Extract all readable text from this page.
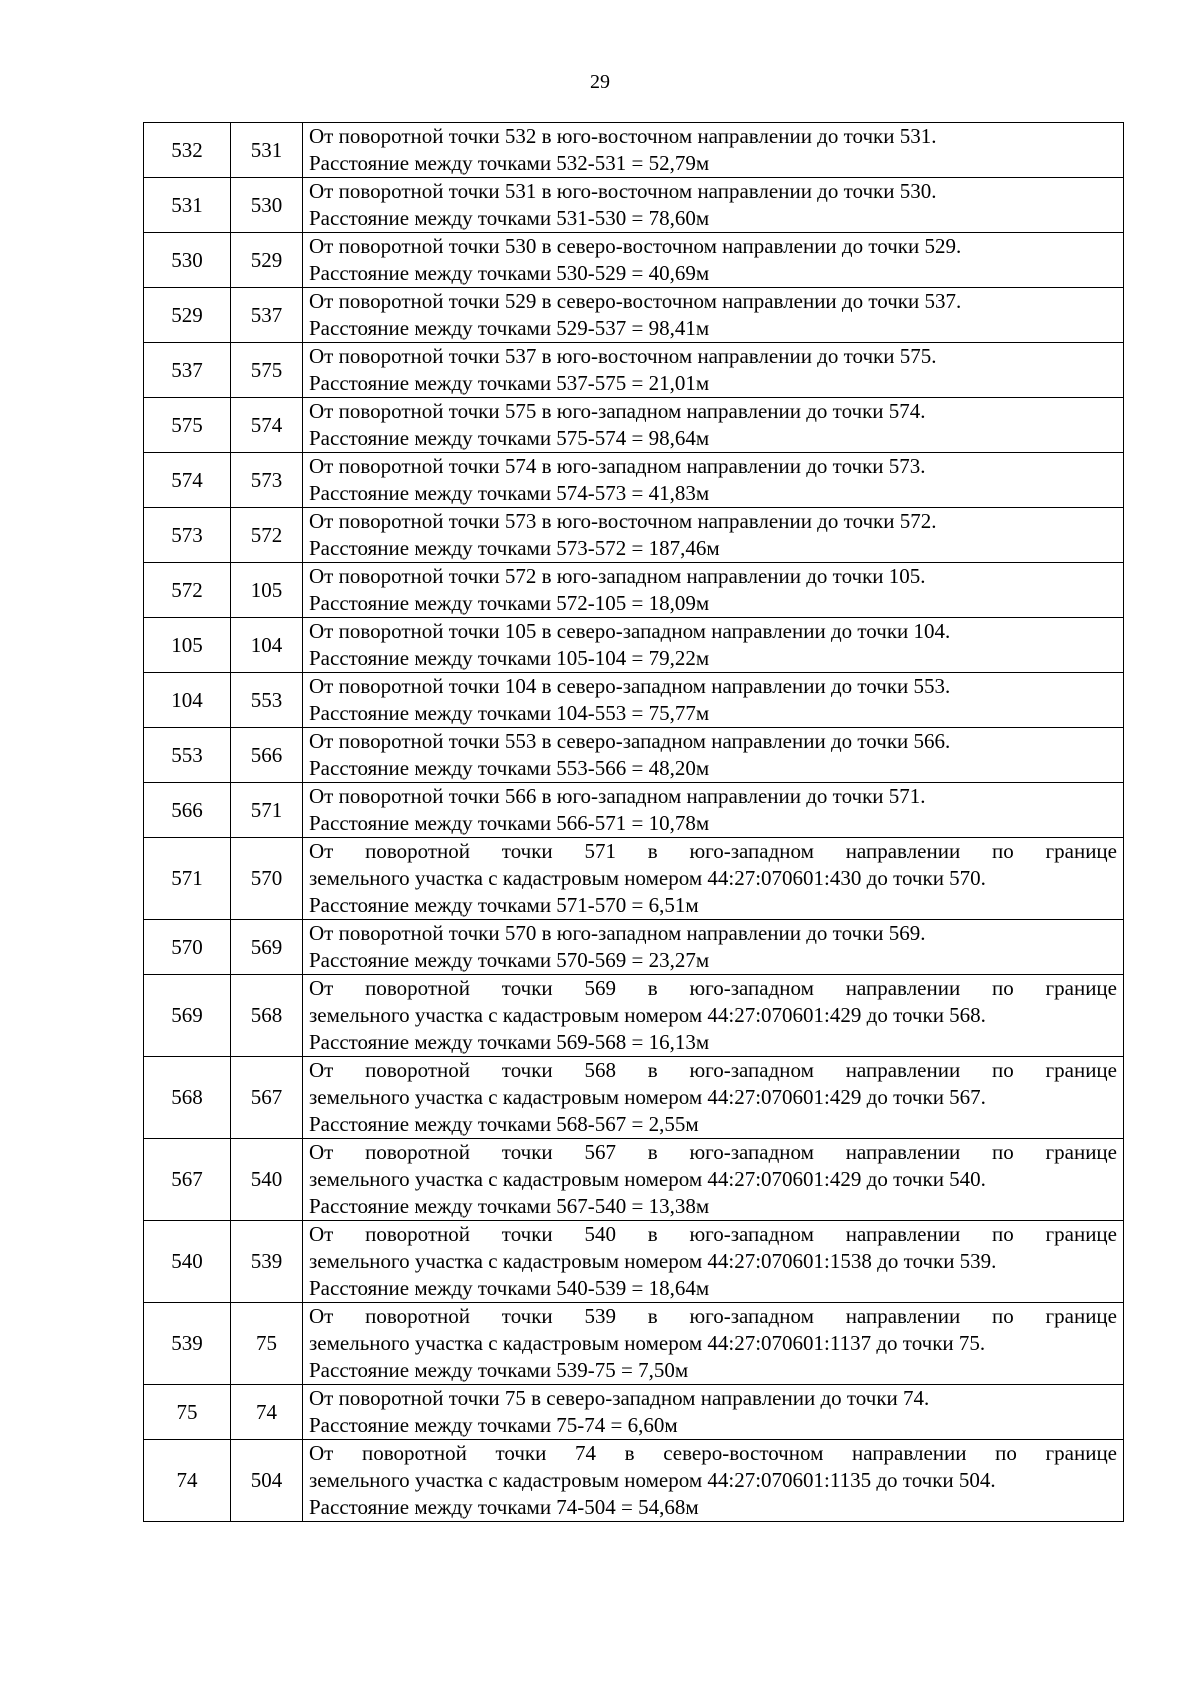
29
532	531	От поворотной точки 532 в юго-восточном направлении до точки 531.
Расстояние между точками 532-531 = 52,79м

531	530	От поворотной точки 531 в юго-восточном направлении до точки 530.
Расстояние между точками 531-530 = 78,60м

530	529	От поворотной точки 530 в северо-восточном направлении до точки 529.
Расстояние между точками 530-529 = 40,69м

529	537	От поворотной точки 529 в северо-восточном направлении до точки 537.
Расстояние между точками 529-537 = 98,41м

537	575	От поворотной точки 537 в юго-восточном направлении до точки 575.
Расстояние между точками 537-575 = 21,01м

575	574	От поворотной точки 575 в юго-западном направлении до точки 574.
Расстояние между точками 575-574 = 98,64м

574	573	От поворотной точки 574 в юго-западном направлении до точки 573.
Расстояние между точками 574-573 = 41,83м

573	572	От поворотной точки 573 в юго-восточном направлении до точки 572.
Расстояние между точками 573-572 = 187,46м

572	105	От поворотной точки 572 в юго-западном направлении до точки 105.
Расстояние между точками 572-105 = 18,09м

105	104	От поворотной точки 105 в северо-западном направлении до точки 104.
Расстояние между точками 105-104 = 79,22м

104	553	От поворотной точки 104 в северо-западном направлении до точки 553.
Расстояние между точками 104-553 = 75,77м

553	566	От поворотной точки 553 в северо-западном направлении до точки 566.
Расстояние между точками 553-566 = 48,20м

566	571	От поворотной точки 566 в юго-западном направлении до точки 571.
Расстояние между точками 566-571 = 10,78м

571	570	От поворотной точки 571 в юго-западном направлении по границе
земельного участка с кадастровым номером 44:27:070601:430 до точки 570.
Расстояние между точками 571-570 = 6,51м

570	569	От поворотной точки 570 в юго-западном направлении до точки 569.
Расстояние между точками 570-569 = 23,27м

569	568	От поворотной точки 569 в юго-западном направлении по границе
земельного участка с кадастровым номером 44:27:070601:429 до точки 568.
Расстояние между точками 569-568 = 16,13м

568	567	От поворотной точки 568 в юго-западном направлении по границе
земельного участка с кадастровым номером 44:27:070601:429 до точки 567.
Расстояние между точками 568-567 = 2,55м

567	540	От поворотной точки 567 в юго-западном направлении по границе
земельного участка с кадастровым номером 44:27:070601:429 до точки 540.
Расстояние между точками 567-540 = 13,38м

540	539	От поворотной точки 540 в юго-западном направлении по границе
земельного участка с кадастровым номером 44:27:070601:1538 до точки 539.
Расстояние между точками 540-539 = 18,64м

539	75	От поворотной точки 539 в юго-западном направлении по границе
земельного участка с кадастровым номером 44:27:070601:1137 до точки 75.
Расстояние между точками 539-75 = 7,50м

75	74	От поворотной точки 75 в северо-западном направлении до точки 74.
Расстояние между точками 75-74 = 6,60м

74	504	От поворотной точки 74 в северо-восточном направлении по границе
земельного участка с кадастровым номером 44:27:070601:1135 до точки 504.
Расстояние между точками 74-504 = 54,68м
